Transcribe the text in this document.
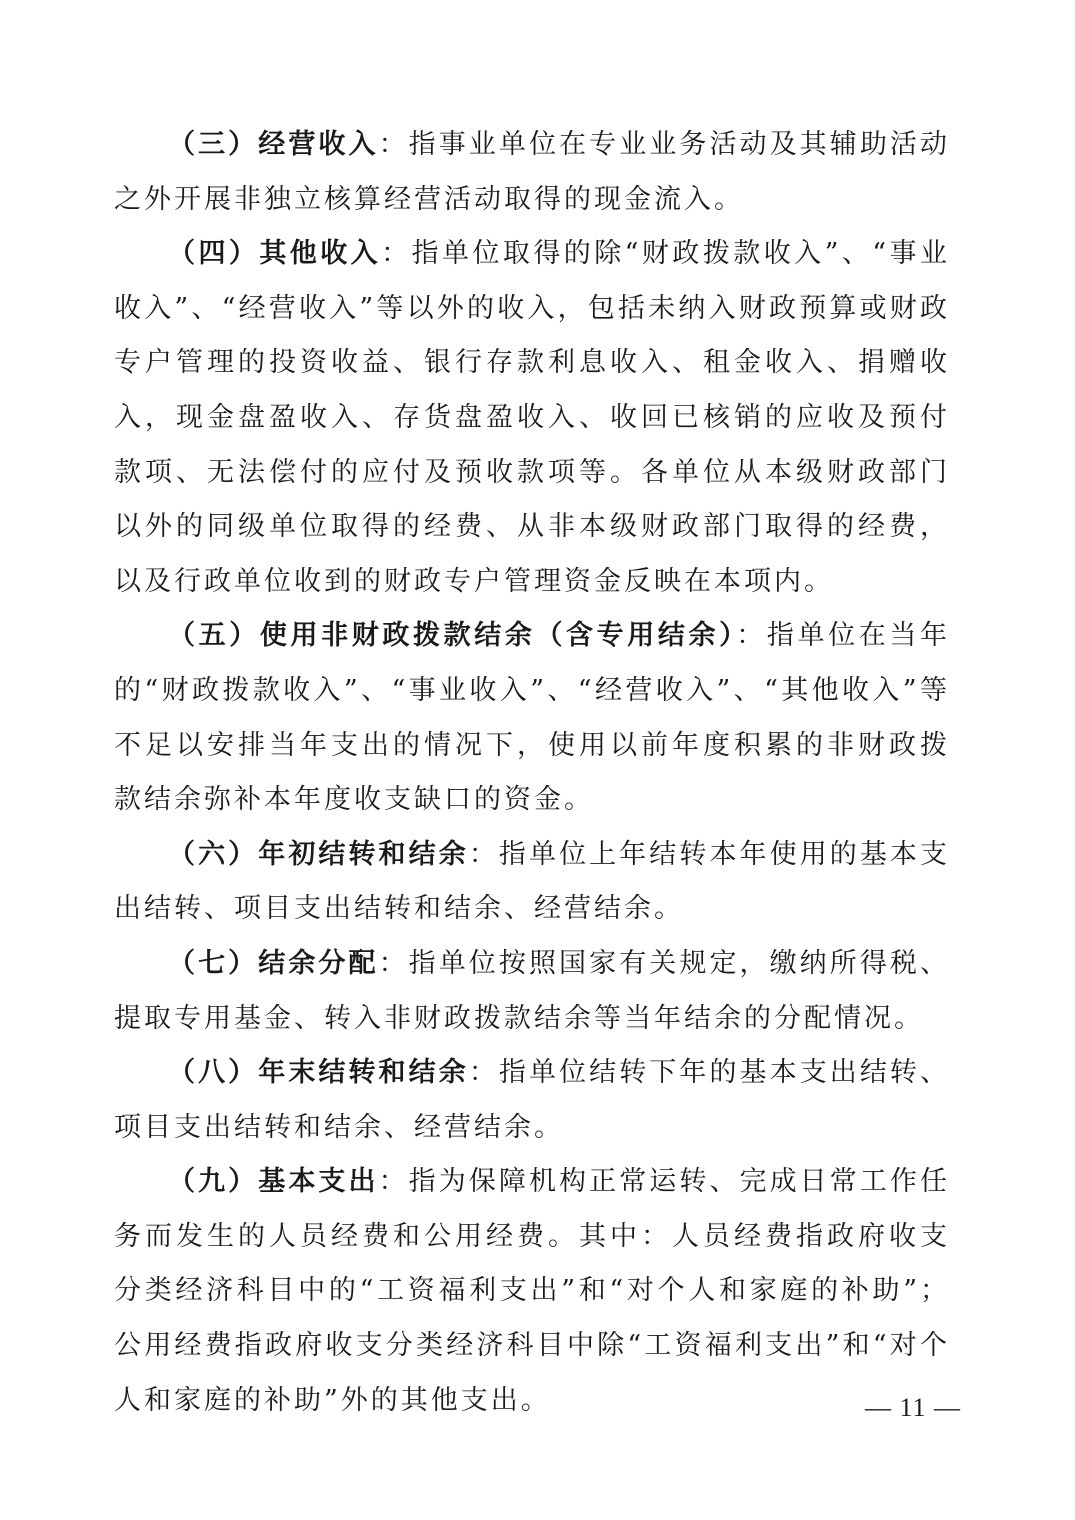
（三）经营收入：指事业单位在专业业务活动及其辅助活动之外开展非独立核算经营活动取得的现金流入。

（四）其他收入：指单位取得的除“财政拨款收入”、“事业收入”、“经营收入”等以外的收入，包括未纳入财政预算或财政专户管理的投资收益、银行存款利息收入、租金收入、捐赠收入，现金盘盈收入、存货盘盈收入、收回已核销的应收及预付款项、无法偿付的应付及预收款项等。各单位从本级财政部门以外的同级单位取得的经费、从非本级财政部门取得的经费，以及行政单位收到的财政专户管理资金反映在本项内。

（五）使用非财政拨款结余（含专用结余）：指单位在当年的“财政拨款收入”、“事业收入”、“经营收入”、“其他收入”等不足以安排当年支出的情况下，使用以前年度积累的非财政拨款结余弥补本年度收支缺口的资金。

（六）年初结转和结余：指单位上年结转本年使用的基本支出结转、项目支出结转和结余、经营结余。

（七）结余分配：指单位按照国家有关规定，缴纳所得税、提取专用基金、转入非财政拨款结余等当年结余的分配情况。

（八）年末结转和结余：指单位结转下年的基本支出结转、项目支出结转和结余、经营结余。

（九）基本支出：指为保障机构正常运转、完成日常工作任务而发生的人员经费和公用经费。其中：人员经费指政府收支分类经济科目中的“工资福利支出”和“对个人和家庭的补助”；公用经费指政府收支分类经济科目中除“工资福利支出”和“对个人和家庭的补助”外的其他支出。	— 11 —
